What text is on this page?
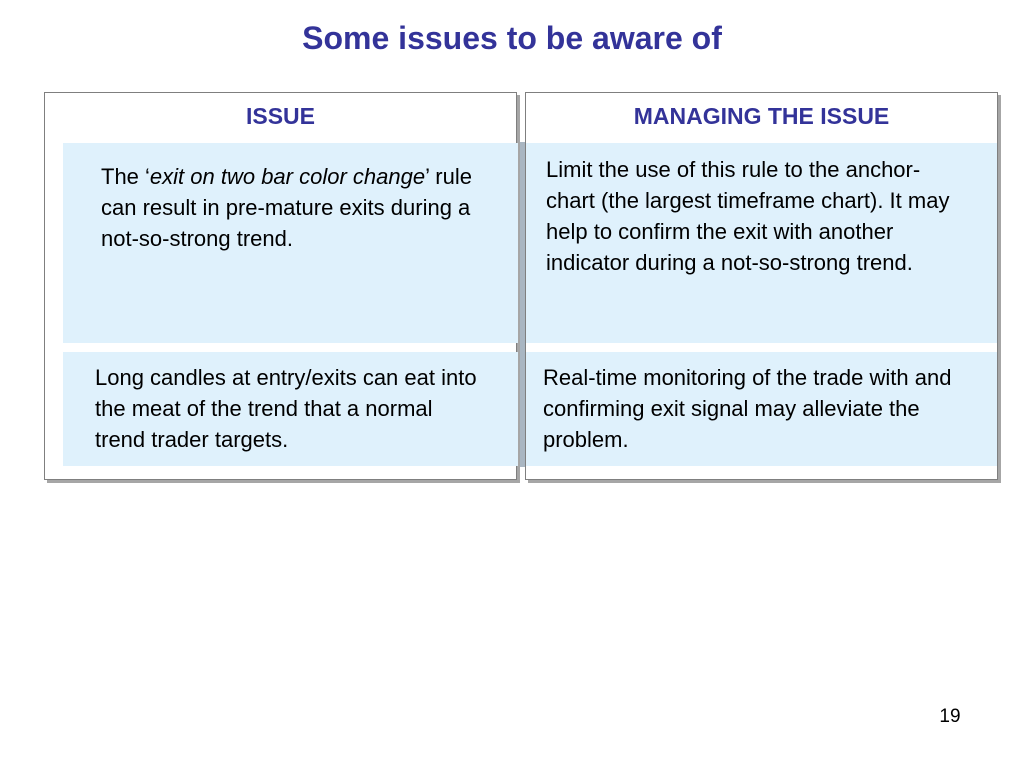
Some issues to be aware of
ISSUE

The ‘exit on two bar color change’ rule can result in pre-mature exits during a not-so-strong trend.

Long candles at entry/exits can eat into the meat of the trend that a normal trend trader targets.

MANAGING THE ISSUE

Limit the use of this rule to the anchor-chart (the largest timeframe chart). It may help to confirm the exit with another indicator during a not-so-strong trend.

Real-time monitoring of the trade with and confirming exit signal may alleviate the problem.

19
